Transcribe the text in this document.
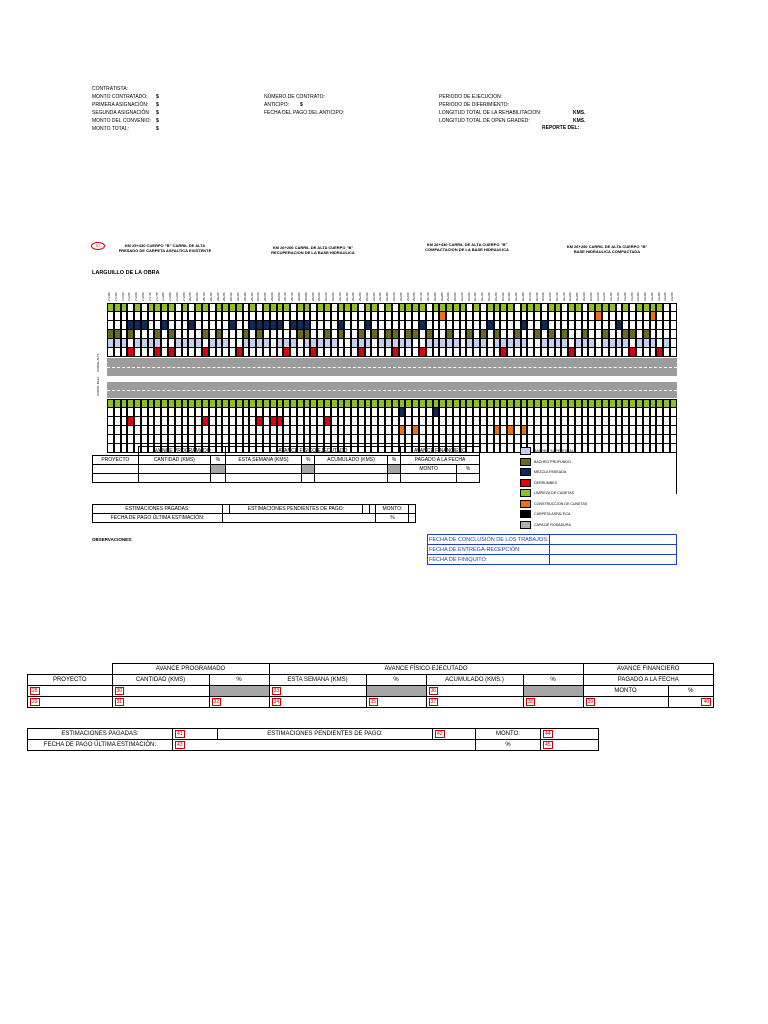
CONTRATISTA:
MONTO CONTRATADO:	$
PRIMERA ASIGNACIÓN:	$
SEGUNDA ASIGNACIÓN	$
MONTO DEL CONVENIO:	$
MONTO TOTAL:	$
NÚMERO DE CONTRATO:
ANTICIPO:	$
FECHA DEL PAGO DEL ANTICIPO:
PERIODO DE EJECUCION:
PERIODO DE DIFERIMIENTO:
LONGITUD TOTAL DE LA REHABILITACION:	KMS.
LONGITUD TOTAL DE OPEN GRADED:	KMS.
REPORTE DEL:
37	KM 25+430 CUERPO "B" CARRIL DE ALTA
FRESADO DE CARPETA ASFALTICA EXISTENTE
KM 26+200 CARRIL DE ALTA CUERPO "B"
RECUPERACION DE LA BASE HIDRAULICA
KM 26+430 CARRIL DE ALTA CUERPO "B"
COMPACTACION DE LA BASE HIDRAULICA
KM 26+280 CARRIL DE ALTA CUERPO "B"
BASE HIDRAULICA COMPACTADA
LARGUILLO DE LA OBRA
27+400 27+450 27+500 27+550 27+600 27+650 27+700 27+750 27+800 27+850 27+900 27+950 28+000 28+050 28+100 28+150 28+200 28+250 28+300 28+350 28+400 28+450 28+500 28+550 28+600 28+650 28+700 28+750 28+800 28+850 28+900 28+950 29+000 29+050 29+100 29+150 29+200 29+250 29+300 29+350 29+400 29+450 29+500 29+550 29+600 29+650 29+700 29+750 29+800 29+850 29+900 29+950 30+000 30+050 30+100 30+150 30+200 30+250 30+300 30+350 30+400 30+450 30+500 30+550 30+600 30+650 30+700 30+750 30+800 30+850 30+900 30+950 31+000 31+050 31+100 31+150 31+200 31+250 31+300 31+350 31+400 31+450 31+500 31+550
CARRIL ALTA
CARRIL BAJA
	AVANCE PROGRAMADO		AVANCE FÍSICO EJECUTADO				AVANCE FINANCIERO	
PROYECTO	CANTIDAD (KMS)	%	ESTA SEMANA (KMS)	%	ACUMULADO (KMS)	%	PAGADO A LA FECHA	
							MONTO	%

BACHEO SUPERFICIAL
BACHEO PROFUNDO
MEZCLA PASEADA
DERRUMBES
LIMPIEZA DE CUNETAS
CONSTRUCCION DE CUNETAS
CARPETA ASFALTICA
CAPA DE RODADURA
ESTIMACIONES PAGADAS:		ESTIMACIONES PENDIENTES DE PAGO:			MONTO:	
FECHA DE PAGO ÚLTIMA ESTIMACIÓN:					%	
OBSERVACIONES:	FECHA DE CONCLUSIÓN DE LOS TRABAJOS:	
FECHA DE ENTREGA-RECEPCIÓN:	
FECHA DE FINIQUITO:	
	AVANCE PROGRAMADO		AVANCE FÍSICO EJECUTADO				AVANCE FINANCIERO	
PROYECTO	CANTIDAD (KMS)	%	ESTA SEMANA (KMS)	%	ACUMULADO (KMS.)	%	PAGADO A LA FECHA	
28	30		33		36		MONTO	%
29	31	32	34	35	37	38	39	40
ESTIMACIONES PAGADAS:	41	ESTIMACIONES PENDIENTES DE PAGO:	42	MONTO:	44
FECHA DE PAGO ÚLTIMA ESTIMACIÓN:	43			%	45
